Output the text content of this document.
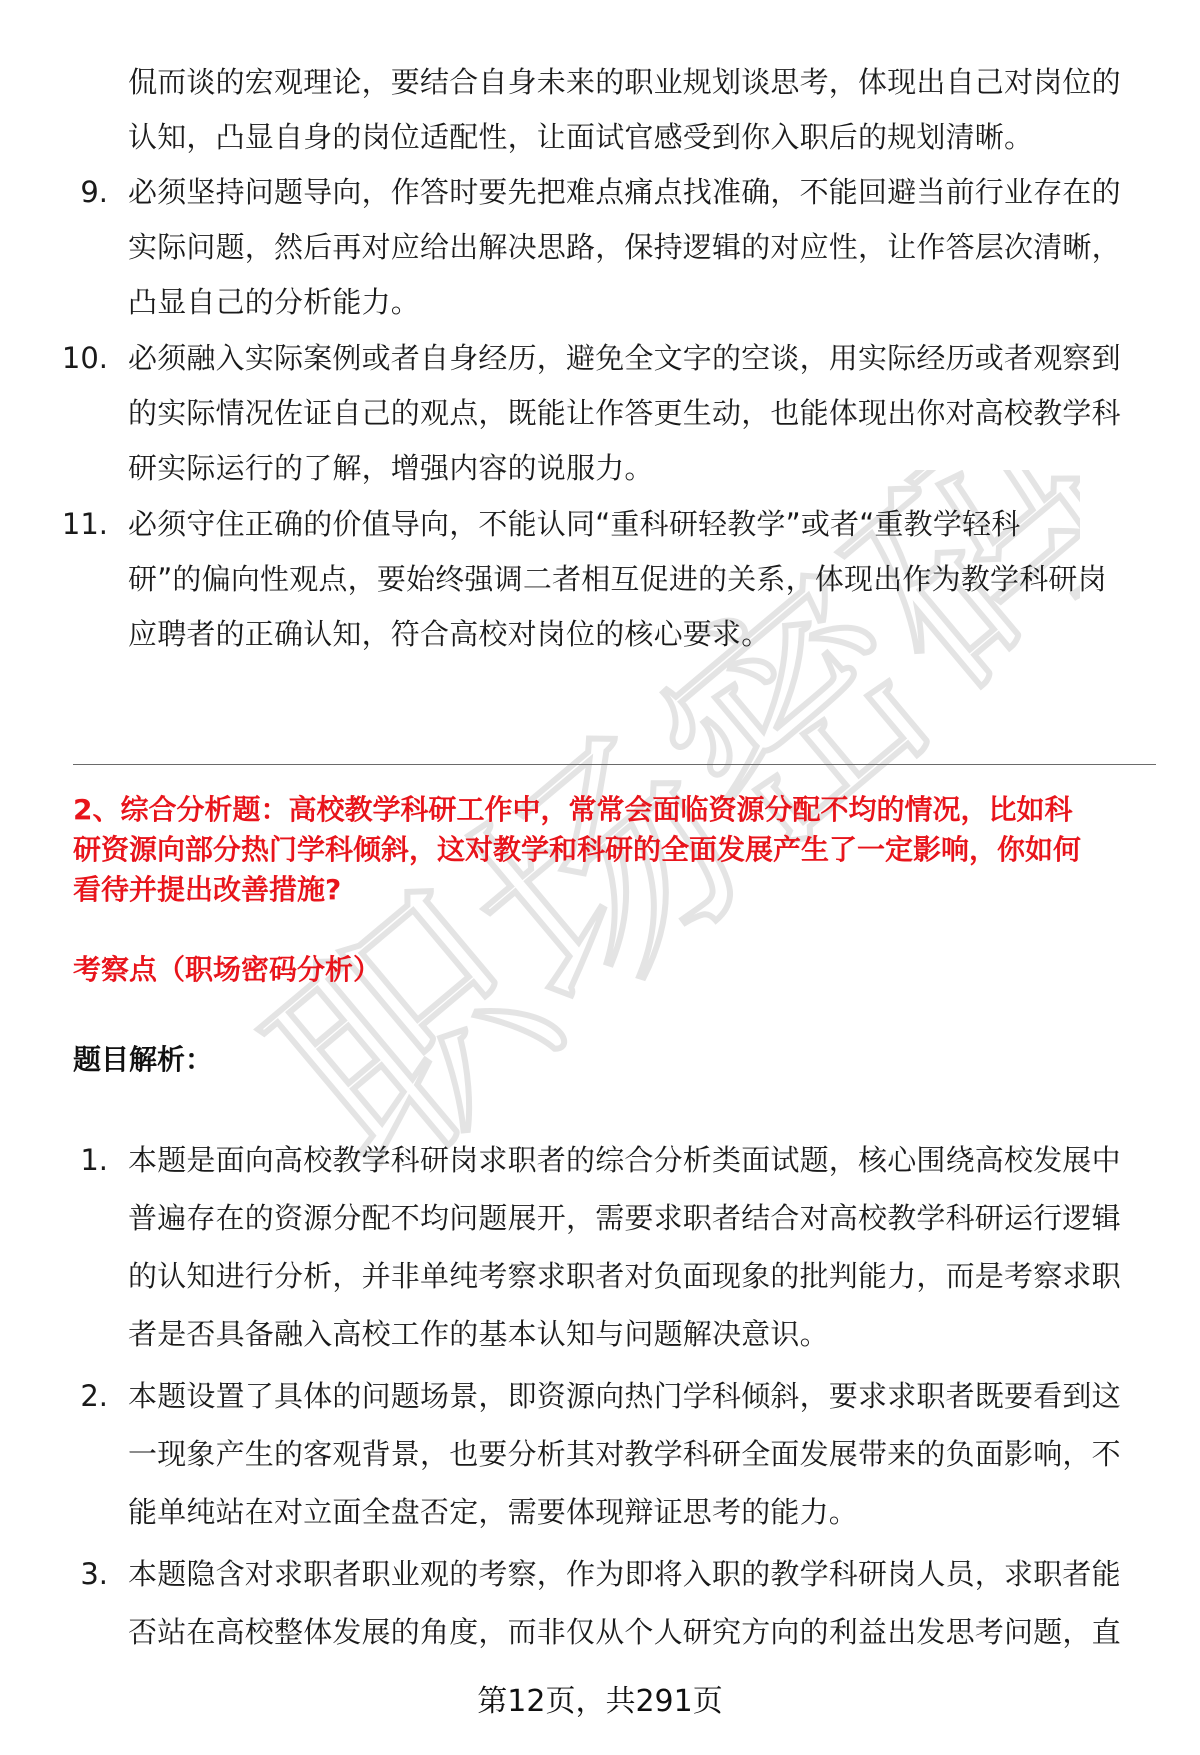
职场密码
侃而谈的宏观理论，要结合自身未来的职业规划谈思考，体现出自己对岗位的
认知，凸显自身的岗位适配性，让面试官感受到你入职后的规划清晰。
9. 必须坚持问题导向，作答时要先把难点痛点找准确，不能回避当前行业存在的
实际问题，然后再对应给出解决思路，保持逻辑的对应性，让作答层次清晰，
凸显自己的分析能力。
10. 必须融入实际案例或者自身经历，避免全文字的空谈，用实际经历或者观察到
的实际情况佐证自己的观点，既能让作答更生动，也能体现出你对高校教学科
研实际运行的了解，增强内容的说服力。
11. 必须守住正确的价值导向，不能认同“重科研轻教学”或者“重教学轻科
研”的偏向性观点，要始终强调二者相互促进的关系，体现出作为教学科研岗
应聘者的正确认知，符合高校对岗位的核心要求。
2、综合分析题：高校教学科研工作中，常常会面临资源分配不均的情况，比如科
研资源向部分热门学科倾斜，这对教学和科研的全面发展产生了一定影响，你如何
看待并提出改善措施?
考察点（职场密码分析）
题目解析：
1. 本题是面向高校教学科研岗求职者的综合分析类面试题，核心围绕高校发展中
普遍存在的资源分配不均问题展开，需要求职者结合对高校教学科研运行逻辑
的认知进行分析，并非单纯考察求职者对负面现象的批判能力，而是考察求职
者是否具备融入高校工作的基本认知与问题解决意识。
2. 本题设置了具体的问题场景，即资源向热门学科倾斜，要求求职者既要看到这
一现象产生的客观背景，也要分析其对教学科研全面发展带来的负面影响，不
能单纯站在对立面全盘否定，需要体现辩证思考的能力。
3. 本题隐含对求职者职业观的考察，作为即将入职的教学科研岗人员，求职者能
否站在高校整体发展的角度，而非仅从个人研究方向的利益出发思考问题，直
第12页，共291页
